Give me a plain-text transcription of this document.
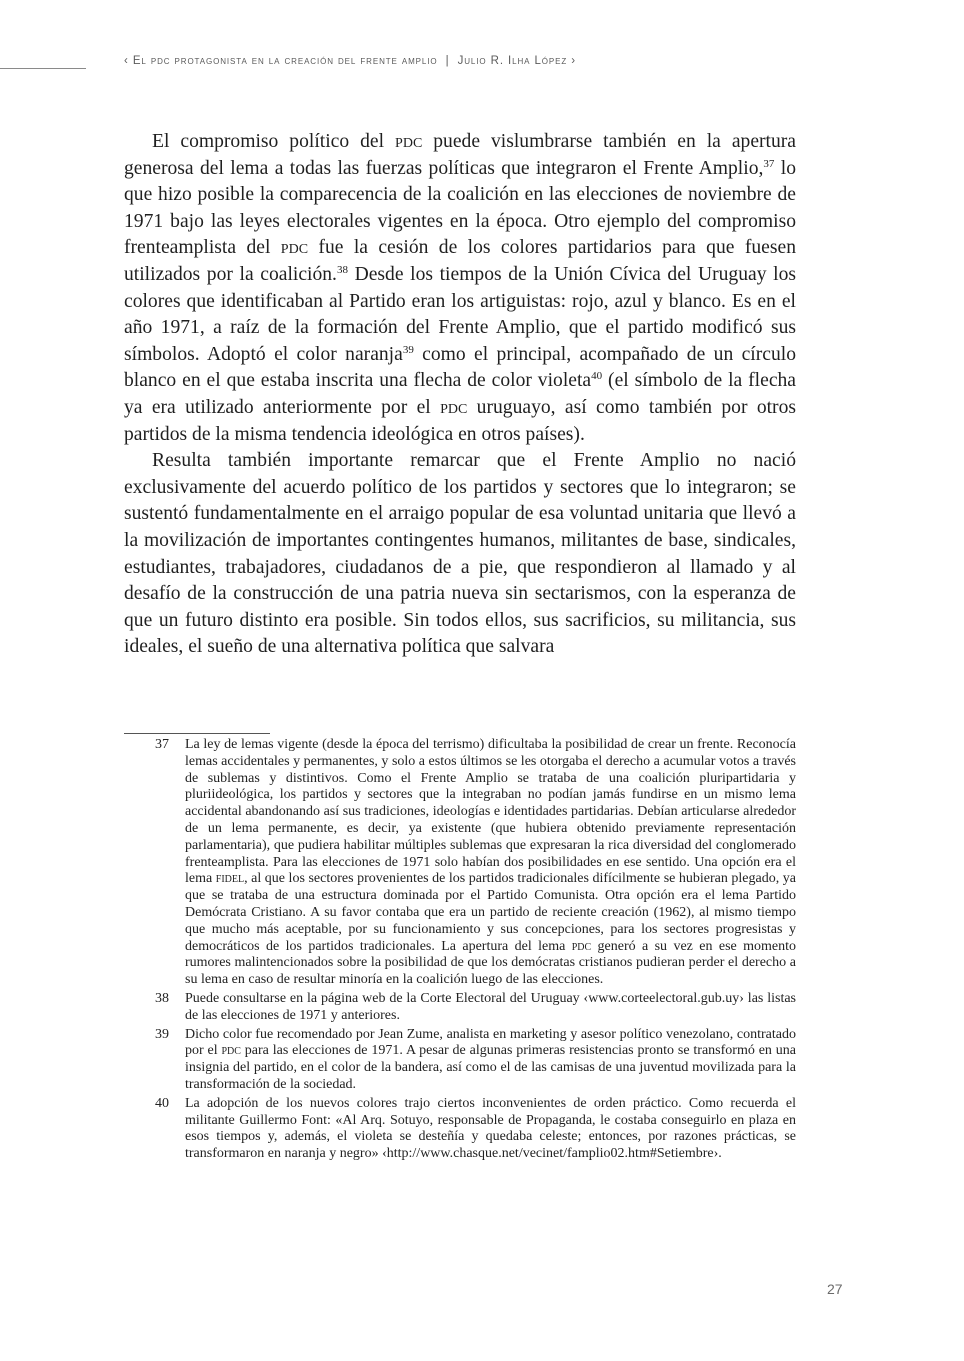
‹ El pdc protagonista en la creación del frente amplio | Julio R. Ilha López ›

El compromiso político del pdc puede vislumbrarse también en la apertura generosa del lema a todas las fuerzas políticas que integraron el Frente Amplio,$^{37}$ lo que hizo posible la comparecencia de la coalición en las elecciones de noviembre de 1971 bajo las leyes electorales vigentes en la época. Otro ejemplo del compromiso frenteamplista del pdc fue la cesión de los colores partidarios para que fuesen utilizados por la coalición.$^{38}$ Desde los tiempos de la Unión Cívica del Uruguay los colores que identificaban al Partido eran los artiguistas: rojo, azul y blanco. Es en el año 1971, a raíz de la formación del Frente Amplio, que el partido modificó sus símbolos. Adoptó el color naranja$^{39}$ como el principal, acompañado de un círculo blanco en el que estaba inscrita una flecha de color violeta$^{40}$ (el símbolo de la flecha ya era utilizado anteriormente por el pdc uruguayo, así como también por otros partidos de la misma tendencia ideológica en otros países).

Resulta también importante remarcar que el Frente Amplio no nació exclusivamente del acuerdo político de los partidos y sectores que lo integraron; se sustentó fundamentalmente en el arraigo popular de esa voluntad unitaria que llevó a la movilización de importantes contingentes humanos, militantes de base, sindicales, estudiantes, trabajadores, ciudadanos de a pie, que respondieron al llamado y al desafío de la construcción de una patria nueva sin sectarismos, con la esperanza de que un futuro distinto era posible. Sin todos ellos, sus sacrificios, su militancia, sus ideales, el sueño de una alternativa política que salvara

37	La ley de lemas vigente (desde la época del terrismo) dificultaba la posibilidad de crear un frente. Reconocía lemas accidentales y permanentes, y solo a estos últimos se les otorgaba el derecho a acumular votos a través de sublemas y distintivos. Como el Frente Amplio se trataba de una coalición pluripartidaria y pluriideológica, los partidos y sectores que la integraban no podían jamás fundirse en un mismo lema accidental abandonando así sus tradiciones, ideologías e identidades partidarias. Debían articularse alrededor de un lema permanente, es decir, ya existente (que hubiera obtenido previamente representación parlamentaria), que pudiera habilitar múltiples sublemas que expresaran la rica diversidad del conglomerado frenteamplista. Para las elecciones de 1971 solo habían dos posibilidades en ese sentido. Una opción era el lema fidel, al que los sectores provenientes de los partidos tradicionales difícilmente se hubieran plegado, ya que se trataba de una estructura dominada por el Partido Comunista. Otra opción era el lema Partido Demócrata Cristiano. A su favor contaba que era un partido de reciente creación (1962), al mismo tiempo que mucho más aceptable, por su funcionamiento y sus concepciones, para los sectores progresistas y democráticos de los partidos tradicionales. La apertura del lema pdc generó a su vez en ese momento rumores malintencionados sobre la posibilidad de que los demócratas cristianos pudieran perder el derecho a su lema en caso de resultar minoría en la coalición luego de las elecciones.
38	Puede consultarse en la página web de la Corte Electoral del Uruguay ‹www.corteelectoral.gub.uy› las listas de las elecciones de 1971 y anteriores.
39	Dicho color fue recomendado por Jean Zume, analista en marketing y asesor político venezolano, contratado por el pdc para las elecciones de 1971. A pesar de algunas primeras resistencias pronto se transformó en una insignia del partido, en el color de la bandera, así como el de las camisas de una juventud movilizada para la transformación de la sociedad.
40	La adopción de los nuevos colores trajo ciertos inconvenientes de orden práctico. Como recuerda el militante Guillermo Font: «Al Arq. Sotuyo, responsable de Propaganda, le costaba conseguirlo en plaza en esos tiempos y, además, el violeta se desteñía y quedaba celeste; entonces, por razones prácticas, se transformaron en naranja y negro» ‹http://www.chasque.net/vecinet/famplio02.htm#Setiembre›.
27
